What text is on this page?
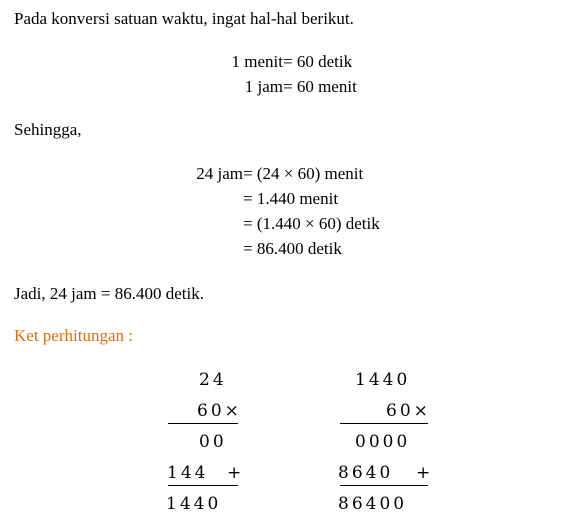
Pada konversi satuan waktu, ingat hal-hal berikut.
1 menit = 60 detik
1 jam = 60 menit
Sehingga,
24 jam = (24 × 60) menit
= 1.440 menit
= (1.440 × 60) detik
= 86.400 detik
Jadi, 24 jam = 86.400 detik.
Ket perhitungan :
24
60×
00
144 +
1440
1440
60×
0000
8640 +
86400
